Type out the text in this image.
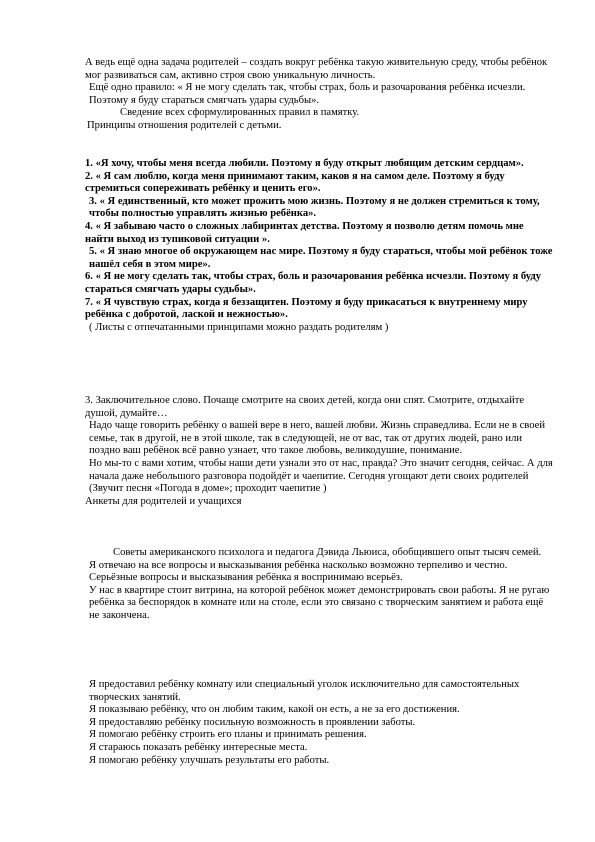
А ведь ещё одна задача родителей – создать вокруг ребёнка такую живительную среду, чтобы ребёнок мог развиваться сам, активно строя свою уникальную личность.

Ещё одно правило: « Я не могу сделать так, чтобы страх, боль и разочарования ребёнка исчезли. Поэтому я буду стараться смягчать удары судьбы».

Сведение всех сформулированных правил в памятку.

Принципы отношения родителей с детьми.

1. «Я хочу, чтобы меня всегда любили. Поэтому я буду открыт любящим детским сердцам».

2. « Я сам люблю, когда меня принимают таким, каков я на самом деле. Поэтому я буду стремиться сопереживать ребёнку и ценить его».

3. « Я единственный, кто может прожить мою жизнь. Поэтому я не должен стремиться к тому, чтобы полностью управлять жизнью ребёнка».

4. « Я забываю часто о сложных лабиринтах детства. Поэтому я позволю детям помочь мне найти выход из тупиковой ситуации ».

5. « Я знаю многое об окружающем нас мире. Поэтому я буду стараться, чтобы мой ребёнок тоже нашёл себя в этом мире».

6. « Я не могу сделать так, чтобы страх, боль и разочарования ребёнка исчезли. Поэтому я буду стараться смягчать удары судьбы».

7. « Я чувствую страх, когда я беззащитен. Поэтому я буду прикасаться к внутреннему миру ребёнка с добротой, лаской и нежностью».

( Листы с отпечатанными принципами можно раздать родителям )

3. Заключительное слово. Почаще смотрите на своих детей, когда они спят. Смотрите, отдыхайте душой, думайте…

Надо чаще говорить ребёнку о вашей вере в него, вашей любви. Жизнь справедлива. Если не в своей семье, так в другой, не в этой школе, так в следующей, не от вас, так от других людей, рано или поздно ваш ребёнок всё равно узнает, что такое любовь, великодушие, понимание.

Но мы-то с вами хотим, чтобы наши дети узнали это от нас, правда? Это значит сегодня, сейчас. А для начала даже небольшого разговора подойдёт и чаепитие. Сегодня угощают дети своих родителей (Звучит песня «Погода в доме»; проходит чаепитие )

Анкеты для родителей и учащихся

Советы американского психолога и педагога Дэвида Льюиса, обобщившего опыт тысяч семей.

Я отвечаю на все вопросы и высказывания ребёнка насколько возможно терпеливо и честно. Серьёзные вопросы и высказывания ребёнка я воспринимаю всерьёз.

У нас в квартире стоит витрина, на которой ребёнок может демонстрировать свои работы. Я не ругаю ребёнка за беспорядок в комнате или на столе, если это связано с творческим занятием и работа ещё не закончена.

Я предоставил ребёнку комнату или специальный уголок исключительно для самостоятельных творческих занятий.

Я показываю ребёнку, что он любим таким, какой он есть, а не за его достижения.

Я предоставляю ребёнку посильную возможность в проявлении заботы.

Я помогаю ребёнку строить его планы и принимать решения.

Я стараюсь показать ребёнку интересные места.

Я помогаю ребёнку улучшать результаты его работы.
